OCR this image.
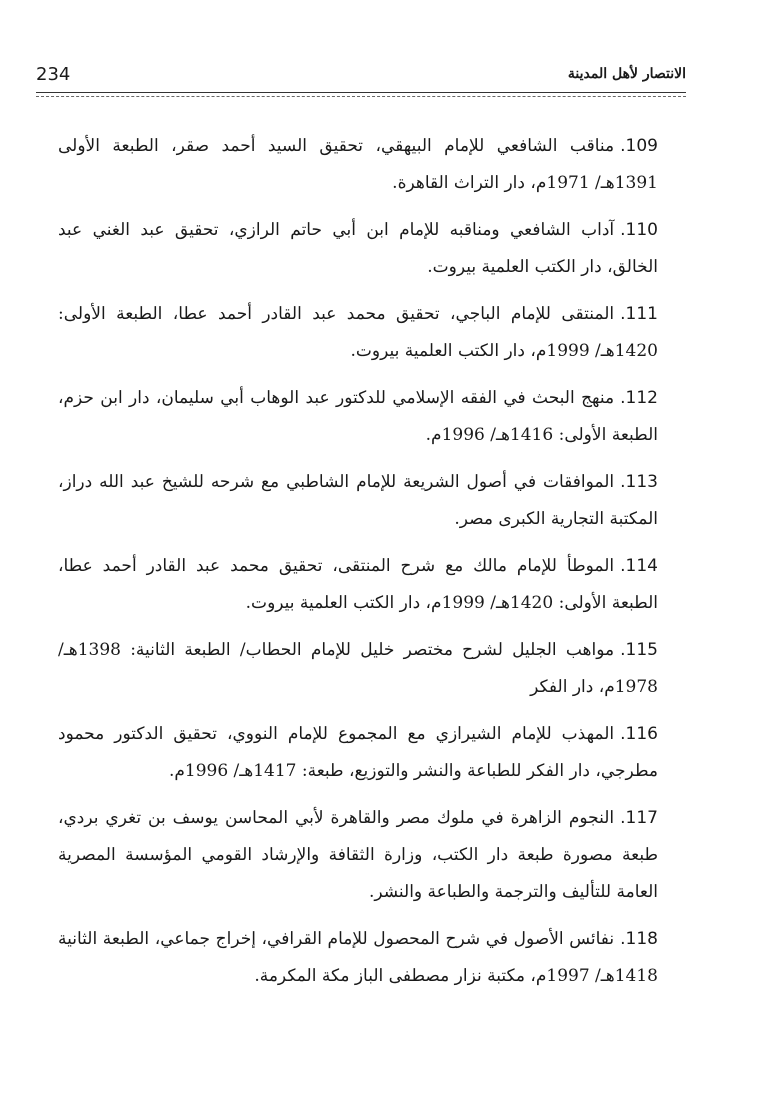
234	الانتصار لأهل المدينة
109.مناقب الشافعي للإمام البيهقي، تحقيق السيد أحمد صقر، الطبعة الأولى 1391هـ/ 1971م، دار التراث القاهرة.
110.آداب الشافعي ومناقبه للإمام ابن أبي حاتم الرازي، تحقيق عبد الغني عبد الخالق، دار الكتب العلمية بيروت.
111.المنتقى للإمام الباجي، تحقيق محمد عبد القادر أحمد عطا، الطبعة الأولى: 1420هـ/ 1999م، دار الكتب العلمية بيروت.
112.منهج البحث في الفقه الإسلامي للدكتور عبد الوهاب أبي سليمان، دار ابن حزم، الطبعة الأولى: 1416هـ/ 1996م.
113.الموافقات في أصول الشريعة للإمام الشاطبي مع شرحه للشيخ عبد الله دراز، المكتبة التجارية الكبرى مصر.
114.الموطأ للإمام مالك مع شرح المنتقى، تحقيق محمد عبد القادر أحمد عطا، الطبعة الأولى: 1420هـ/ 1999م، دار الكتب العلمية بيروت.
115.مواهب الجليل لشرح مختصر خليل للإمام الحطاب/ الطبعة الثانية: 1398هـ/ 1978م، دار الفكر
116.المهذب للإمام الشيرازي مع المجموع للإمام النووي، تحقيق الدكتور محمود مطرجي، دار الفكر للطباعة والنشر والتوزيع، طبعة: 1417هـ/ 1996م.
117.النجوم الزاهرة في ملوك مصر والقاهرة لأبي المحاسن يوسف بن تغري بردي، طبعة مصورة طبعة دار الكتب، وزارة الثقافة والإرشاد القومي المؤسسة المصرية العامة للتأليف والترجمة والطباعة والنشر.
118.نفائس الأصول في شرح المحصول للإمام القرافي، إخراج جماعي، الطبعة الثانية 1418هـ/ 1997م، مكتبة نزار مصطفى الباز مكة المكرمة.
